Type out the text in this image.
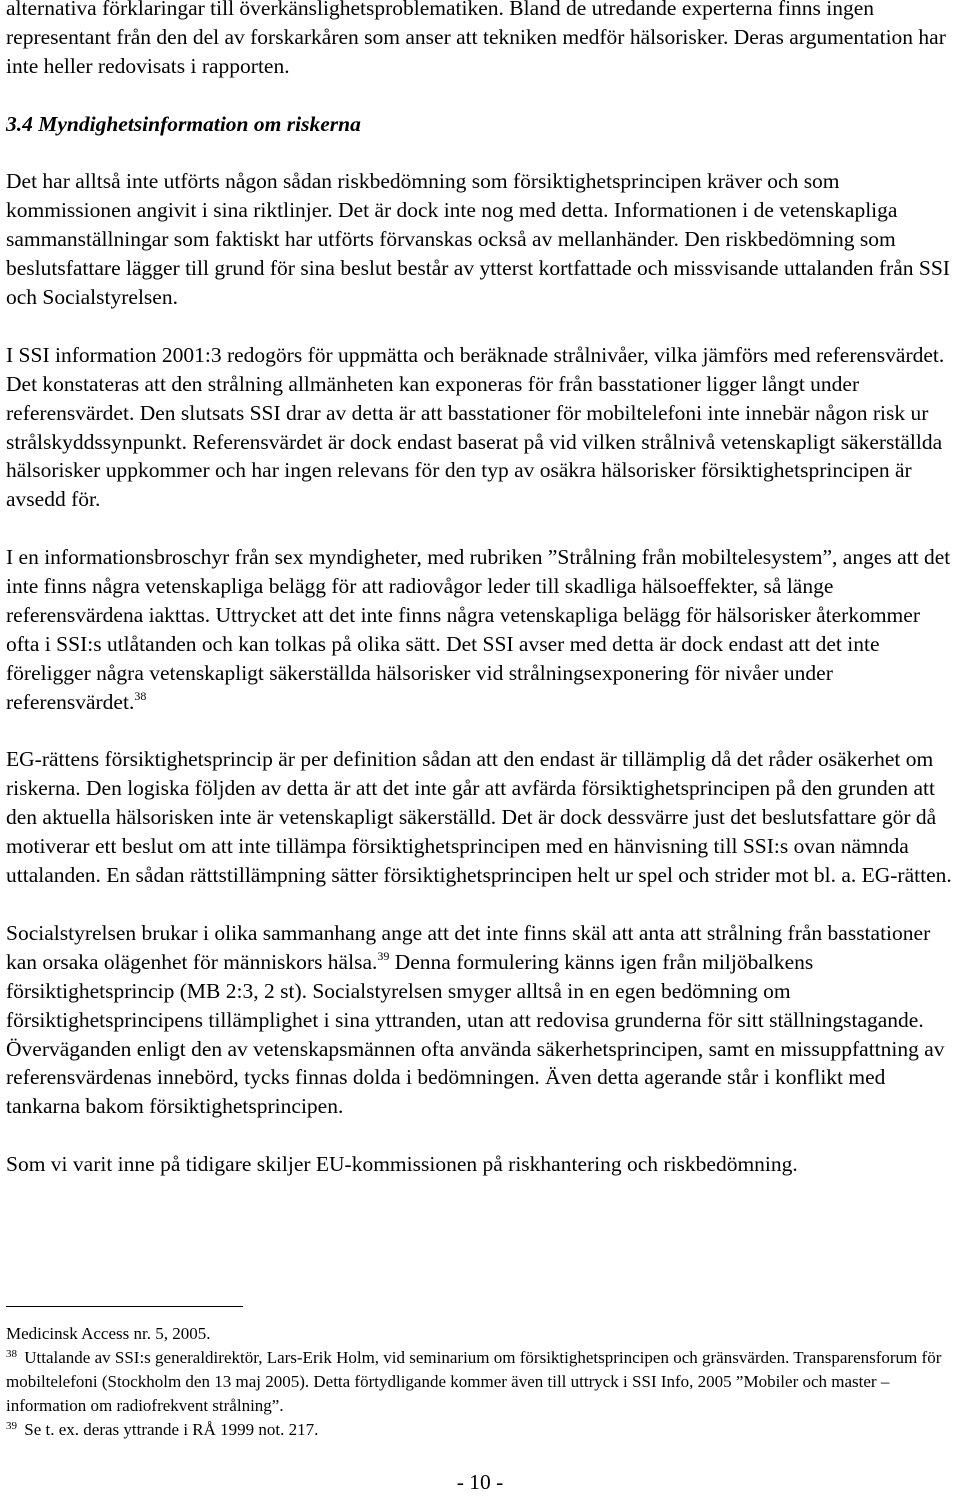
alternativa förklaringar till överkänslighetsproblematiken. Bland de utredande experterna finns ingen representant från den del av forskarkåren som anser att tekniken medför hälsorisker. Deras argumentation har inte heller redovisats i rapporten.

3.4 Myndighetsinformation om riskerna

Det har alltså inte utförts någon sådan riskbedömning som försiktighetsprincipen kräver och som kommissionen angivit i sina riktlinjer. Det är dock inte nog med detta. Informationen i de vetenskapliga sammanställningar som faktiskt har utförts förvanskas också av mellanhänder. Den riskbedömning som beslutsfattare lägger till grund för sina beslut består av ytterst kortfattade och missvisande uttalanden från SSI och Socialstyrelsen.

I SSI information 2001:3 redogörs för uppmätta och beräknade strålnivåer, vilka jämförs med referensvärdet. Det konstateras att den strålning allmänheten kan exponeras för från basstationer ligger långt under referensvärdet. Den slutsats SSI drar av detta är att basstationer för mobiltelefoni inte innebär någon risk ur strålskyddssynpunkt. Referensvärdet är dock endast baserat på vid vilken strålnivå vetenskapligt säkerställda hälsorisker uppkommer och har ingen relevans för den typ av osäkra hälsorisker försiktighetsprincipen är avsedd för.

I en informationsbroschyr från sex myndigheter, med rubriken ”Strålning från mobiltelesystem”, anges att det inte finns några vetenskapliga belägg för att radiovågor leder till skadliga hälsoeffekter, så länge referensvärdena iakttas. Uttrycket att det inte finns några vetenskapliga belägg för hälsorisker återkommer ofta i SSI:s utlåtanden och kan tolkas på olika sätt. Det SSI avser med detta är dock endast att det inte föreligger några vetenskapligt säkerställda hälsorisker vid strålningsexponering för nivåer under referensvärdet.$^{38}$

EG-rättens försiktighetsprincip är per definition sådan att den endast är tillämplig då det råder osäkerhet om riskerna. Den logiska följden av detta är att det inte går att avfärda försiktighetsprincipen på den grunden att den aktuella hälsorisken inte är vetenskapligt säkerställd. Det är dock dessvärre just det beslutsfattare gör då motiverar ett beslut om att inte tillämpa försiktighetsprincipen med en hänvisning till SSI:s ovan nämnda uttalanden. En sådan rättstillämpning sätter försiktighetsprincipen helt ur spel och strider mot bl. a. EG-rätten.

Socialstyrelsen brukar i olika sammanhang ange att det inte finns skäl att anta att strålning från basstationer kan orsaka olägenhet för människors hälsa.$^{39}$ Denna formulering känns igen från miljöbalkens försiktighetsprincip (MB 2:3, 2 st). Socialstyrelsen smyger alltså in en egen bedömning om försiktighetsprincipens tillämplighet i sina yttranden, utan att redovisa grunderna för sitt ställningstagande. Överväganden enligt den av vetenskapsmännen ofta använda säkerhetsprincipen, samt en missuppfattning av referensvärdenas innebörd, tycks finnas dolda i bedömningen. Även detta agerande står i konflikt med tankarna bakom försiktighetsprincipen.

Som vi varit inne på tidigare skiljer EU-kommissionen på riskhantering och riskbedömning.

Medicinsk Access nr. 5, 2005.

$^{38}$ Uttalande av SSI:s generaldirektör, Lars-Erik Holm, vid seminarium om försiktighetsprincipen och gränsvärden. Transparensforum för mobiltelefoni (Stockholm den 13 maj 2005). Detta förtydligande kommer även till uttryck i SSI Info, 2005 ”Mobiler och master – information om radiofrekvent strålning”.

$^{39}$ Se t. ex. deras yttrande i RÅ 1999 not. 217.

- 10 -
